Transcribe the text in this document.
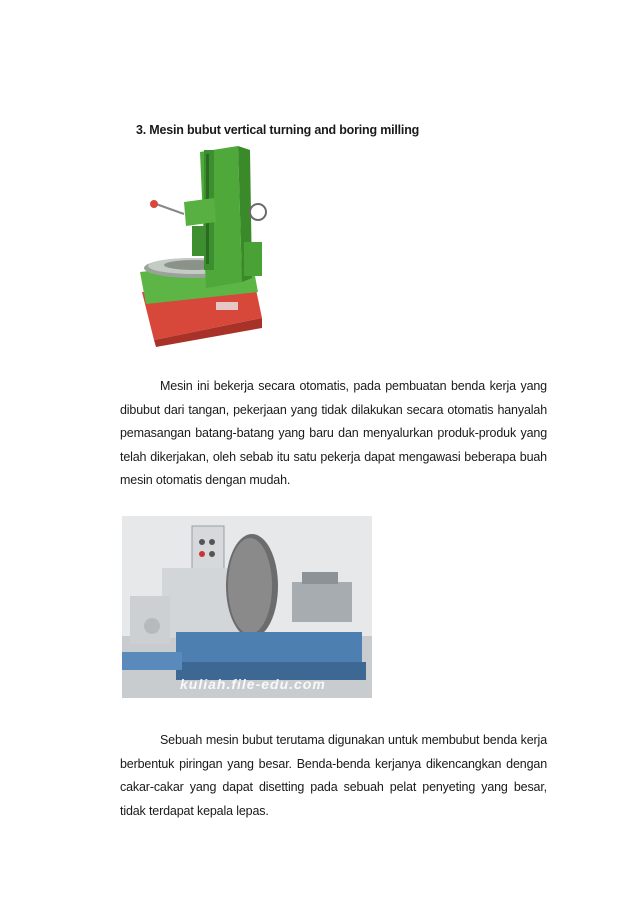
3. Mesin bubut vertical turning and boring milling

Mesin ini bekerja secara otomatis, pada pembuatan benda kerja yang dibubut dari tangan, pekerjaan yang tidak dilakukan secara otomatis hanyalah pemasangan batang-batang yang baru dan menyalurkan produk-produk yang telah dikerjakan, oleh sebab itu satu pekerja dapat mengawasi beberapa buah mesin otomatis dengan mudah.

kuliah.file-edu.com

Sebuah mesin bubut terutama digunakan untuk membubut benda kerja berbentuk piringan yang besar. Benda-benda kerjanya dikencangkan dengan cakar-cakar yang dapat disetting pada sebuah pelat penyeting yang besar, tidak terdapat kepala lepas.
